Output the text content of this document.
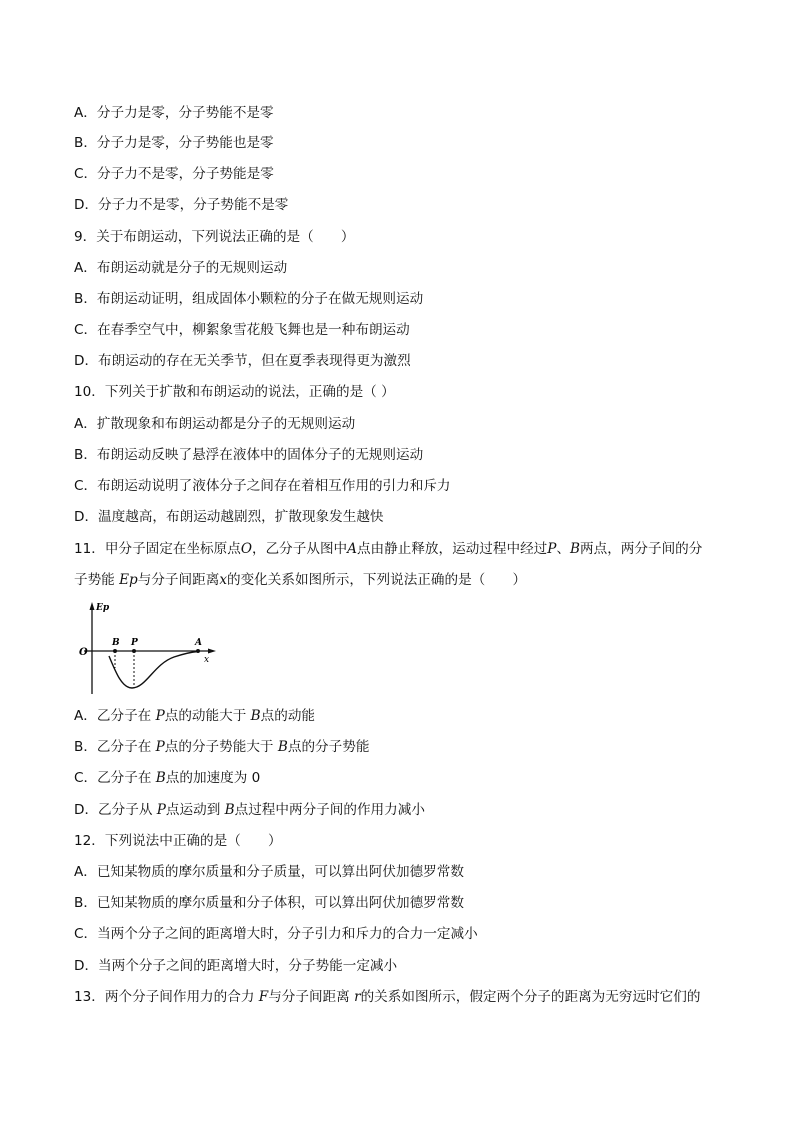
A．分子力是零，分子势能不是零
B．分子力是零，分子势能也是零
C．分子力不是零，分子势能是零
D．分子力不是零，分子势能不是零
9．关于布朗运动，下列说法正确的是（　　）
A．布朗运动就是分子的无规则运动
B．布朗运动证明，组成固体小颗粒的分子在做无规则运动
C．在春季空气中，柳絮象雪花般飞舞也是一种布朗运动
D．布朗运动的存在无关季节，但在夏季表现得更为激烈
10．下列关于扩散和布朗运动的说法，正确的是（ ）
A．扩散现象和布朗运动都是分子的无规则运动
B．布朗运动反映了悬浮在液体中的固体分子的无规则运动
C．布朗运动说明了液体分子之间存在着相互作用的引力和斥力
D．温度越高，布朗运动越剧烈，扩散现象发生越快
11．甲分子固定在坐标原点O，乙分子从图中A点由静止释放，运动过程中经过P、B两点，两分子间的分
子势能 Ep与分子间距离x的变化关系如图所示，下列说法正确的是（　　）
Ep
x
O
B P	A
A．乙分子在 P点的动能大于 B点的动能
B．乙分子在 P点的分子势能大于 B点的分子势能
C．乙分子在 B点的加速度为 0
D．乙分子从 P点运动到 B点过程中两分子间的作用力减小
12．下列说法中正确的是（　　）
A．已知某物质的摩尔质量和分子质量，可以算出阿伏加德罗常数
B．已知某物质的摩尔质量和分子体积，可以算出阿伏加德罗常数
C．当两个分子之间的距离增大时，分子引力和斥力的合力一定减小
D．当两个分子之间的距离增大时，分子势能一定减小
13．两个分子间作用力的合力 F与分子间距离 r的关系如图所示，假定两个分子的距离为无穷远时它们的
